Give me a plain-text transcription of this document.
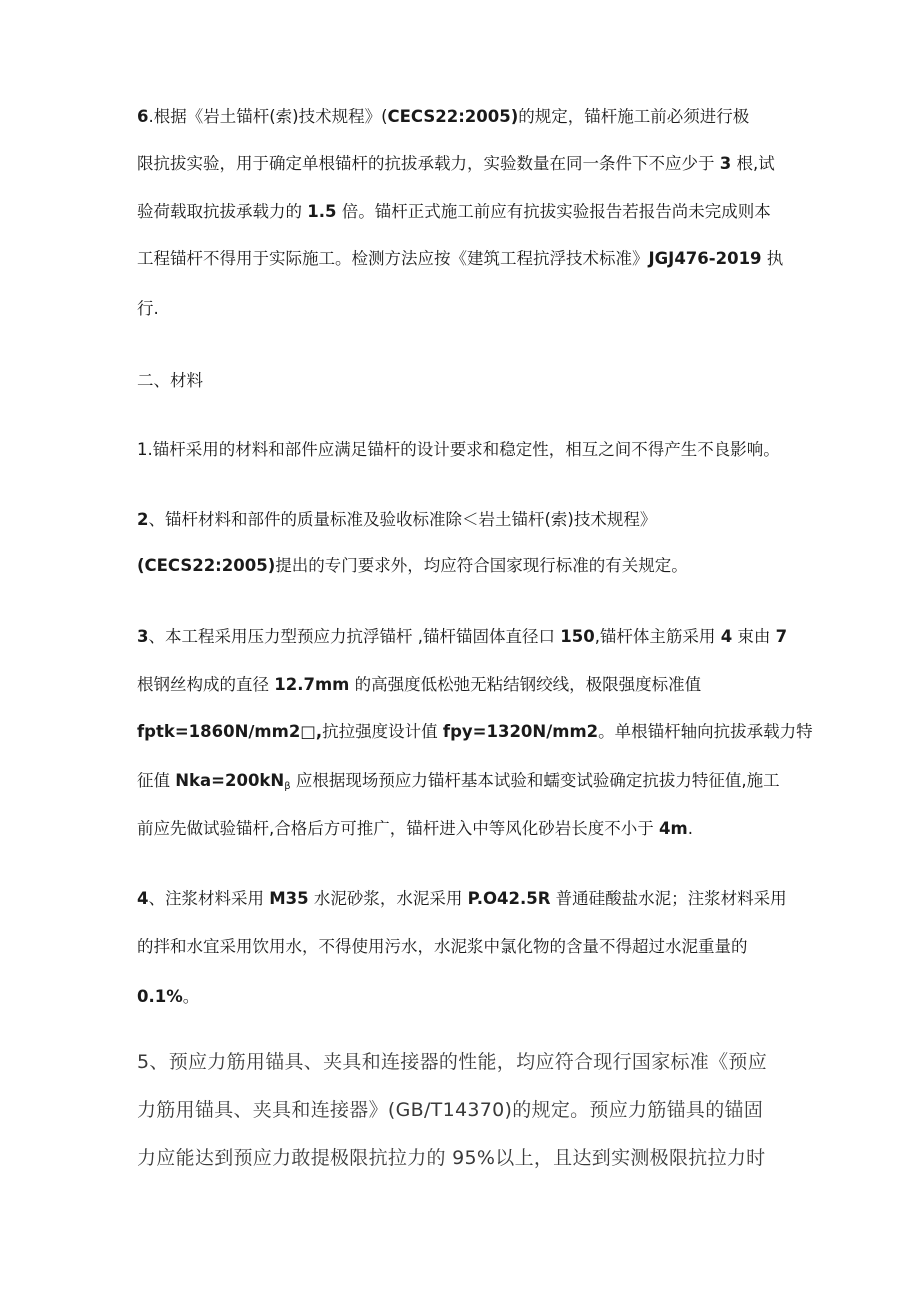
6.根据《岩土锚杆(索)技术规程》(CECS22:2005)的规定，锚杆施工前必须进行极
限抗拔实验，用于确定单根锚杆的抗拔承载力，实验数量在同一条件下不应少于 3 根,试
验荷载取抗拔承载力的 1.5 倍。锚杆正式施工前应有抗拔实验报告若报告尚未完成则本
工程锚杆不得用于实际施工。检测方法应按《建筑工程抗浮技术标准》JGJ476-2019 执
行.
二、材料
1.锚杆采用的材料和部件应满足锚杆的设计要求和稳定性，相互之间不得产生不良影响。
2、锚杆材料和部件的质量标准及验收标准除＜岩土锚杆(索)技术规程》
(CECS22:2005)提出的专门要求外，均应符合国家现行标准的有关规定。
3、本工程采用压力型预应力抗浮锚杆 ,锚杆锚固体直径口 150,锚杆体主筋采用 4 束由 7
根钢丝构成的直径 12.7mm 的高强度低松弛无粘结钢绞线，极限强度标准值
fptk=1860N∕mm2□,抗拉强度设计值 fpy=1320N/mm2。单根锚杆轴向抗拔承载力特
征值 $Nka=200kN_\beta$ 应根据现场预应力锚杆基本试验和蠕变试验确定抗拔力特征值,施工
前应先做试验锚杆,合格后方可推广，锚杆进入中等风化砂岩长度不小于 4m.
4、注浆材料采用 M35 水泥砂浆，水泥采用 P.O42.5R 普通硅酸盐水泥；注浆材料采用
的拌和水宜采用饮用水，不得使用污水，水泥浆中氯化物的含量不得超过水泥重量的
0.1%。
5、预应力筋用锚具、夹具和连接器的性能，均应符合现行国家标准《预应
力筋用锚具、夹具和连接器》(GB/T14370)的规定。预应力筋锚具的锚固
力应能达到预应力敢提极限抗拉力的 95%以上，且达到实测极限抗拉力时
